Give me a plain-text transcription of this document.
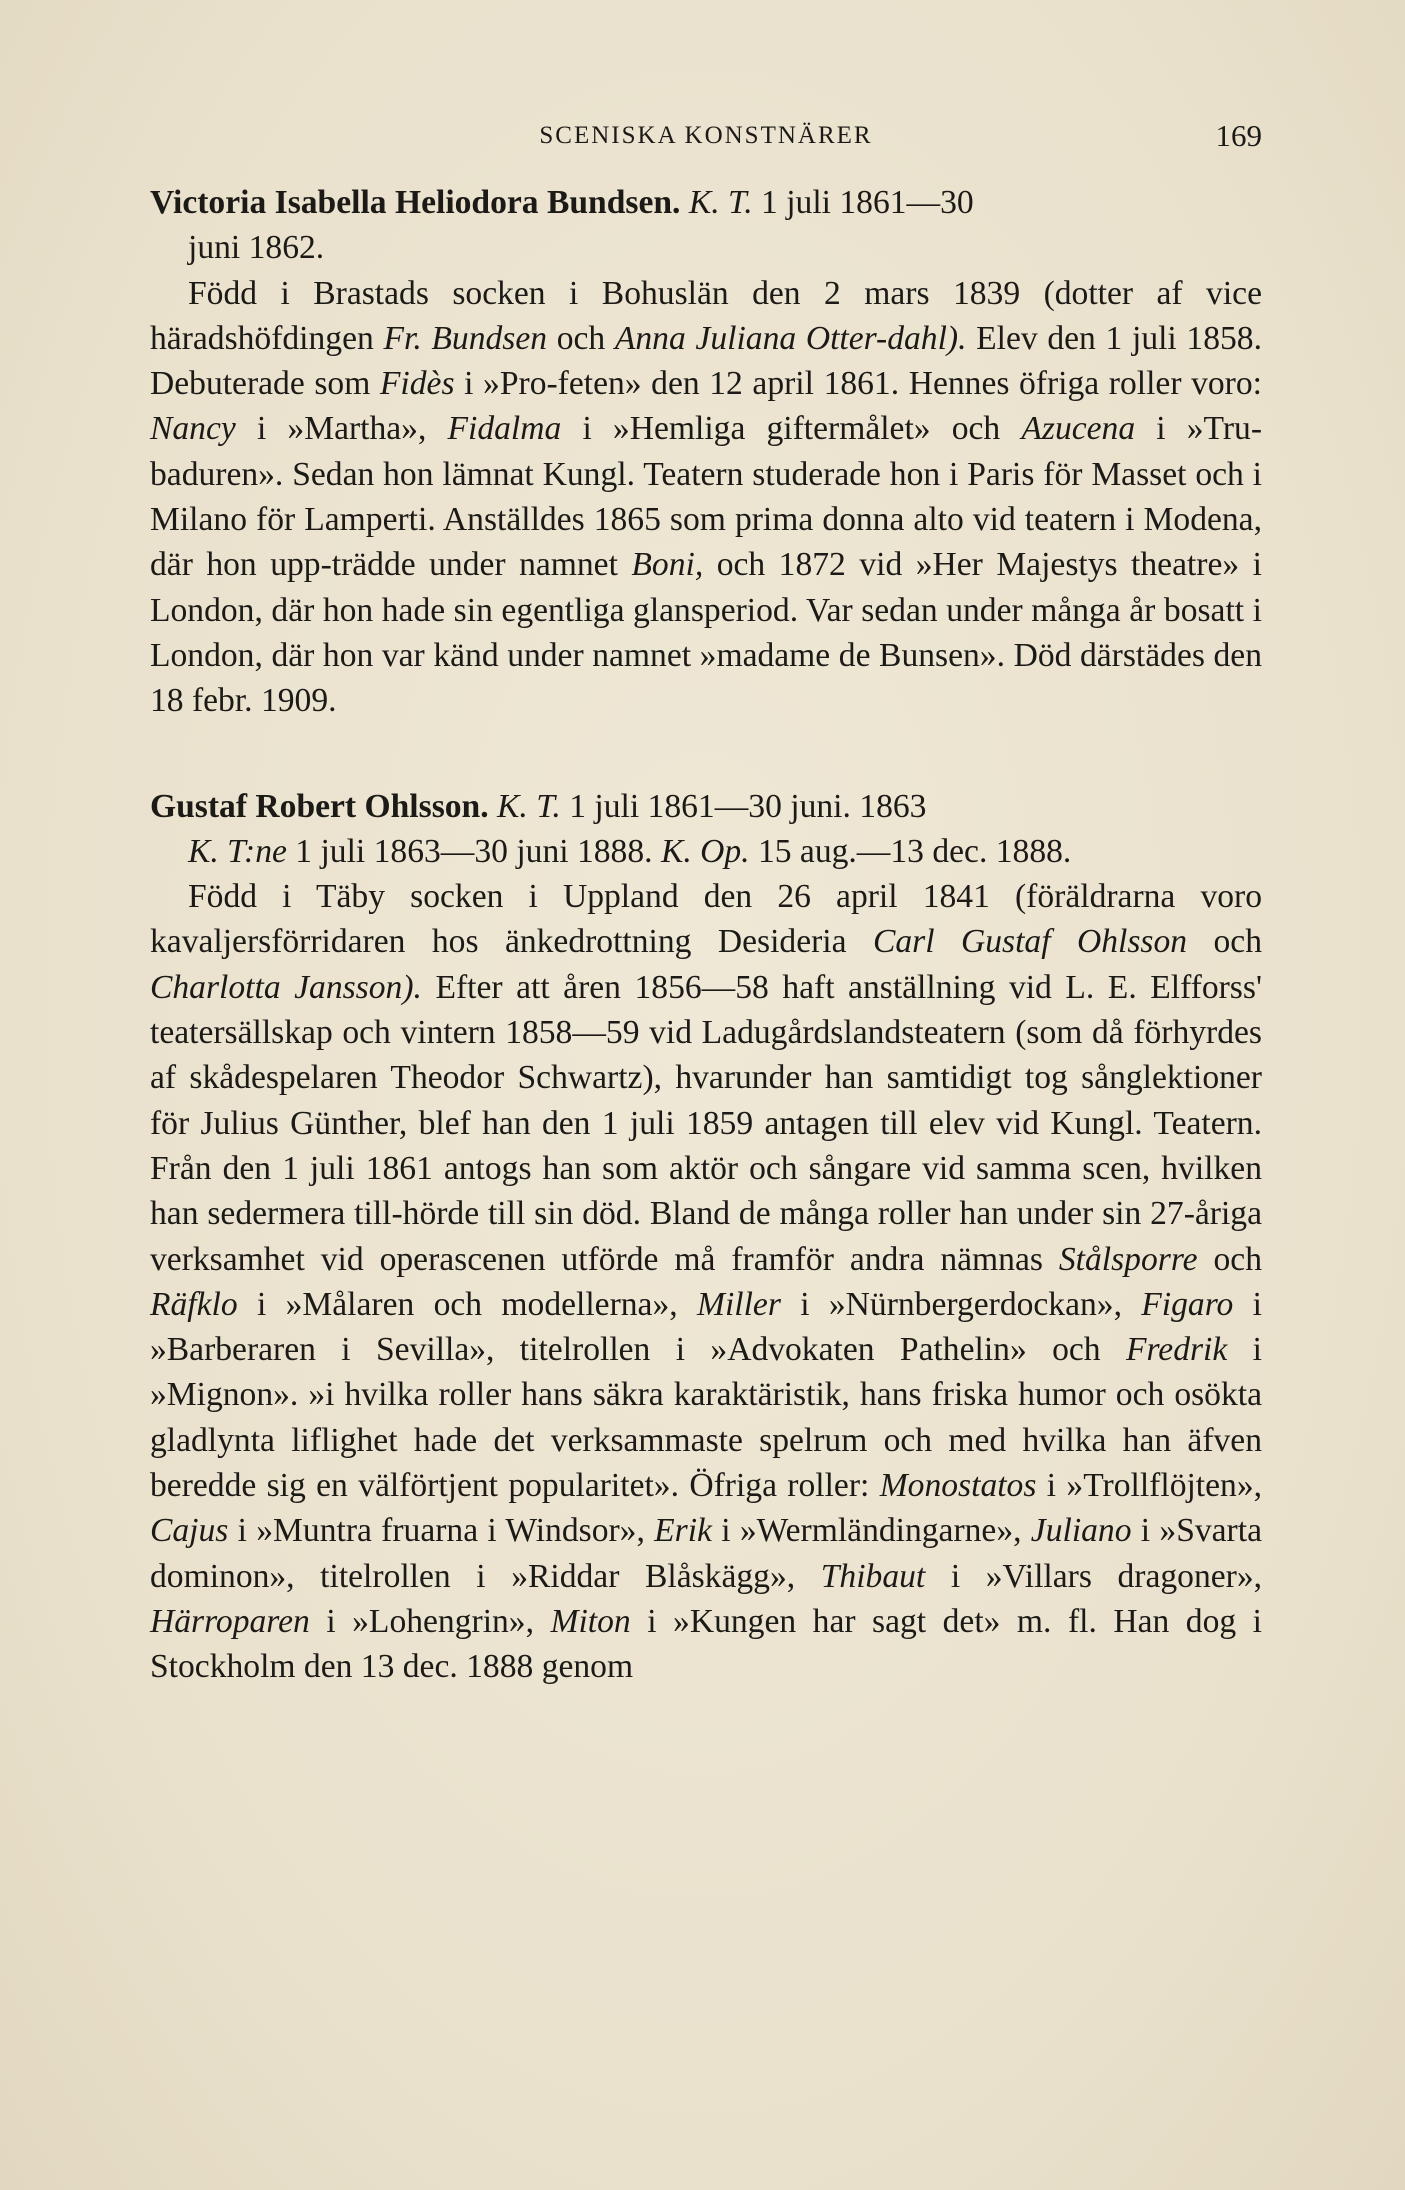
SCENISKA KONSTNÄRER	169

Victoria Isabella Heliodora Bundsen. K. T. 1 juli 1861—30
juni 1862.

Född i Brastads socken i Bohuslän den 2 mars 1839 (dotter af vice häradshöfdingen Fr. Bundsen och Anna Juliana Otter-dahl). Elev den 1 juli 1858. Debuterade som Fidès i »Pro-feten» den 12 april 1861. Hennes öfriga roller voro: Nancy i »Martha», Fidalma i »Hemliga giftermålet» och Azucena i »Tru-baduren». Sedan hon lämnat Kungl. Teatern studerade hon i Paris för Masset och i Milano för Lamperti. Anställdes 1865 som prima donna alto vid teatern i Modena, där hon upp-trädde under namnet Boni, och 1872 vid »Her Majestys theatre» i London, där hon hade sin egentliga glansperiod. Var sedan under många år bosatt i London, där hon var känd under namnet »madame de Bunsen». Död därstädes den 18 febr. 1909.

Gustaf Robert Ohlsson. K. T. 1 juli 1861—30 juni. 1863
K. T:ne 1 juli 1863—30 juni 1888. K. Op. 15 aug.—13 dec. 1888.

Född i Täby socken i Uppland den 26 april 1841 (föräldrarna voro kavaljersförridaren hos änkedrottning Desideria Carl Gustaf Ohlsson och Charlotta Jansson). Efter att åren 1856—58 haft anställning vid L. E. Elfforss' teatersällskap och vintern 1858—59 vid Ladugårdslandsteatern (som då förhyrdes af skådespelaren Theodor Schwartz), hvarunder han samtidigt tog sånglektioner för Julius Günther, blef han den 1 juli 1859 antagen till elev vid Kungl. Teatern. Från den 1 juli 1861 antogs han som aktör och sångare vid samma scen, hvilken han sedermera till-hörde till sin död. Bland de många roller han under sin 27-åriga verksamhet vid operascenen utförde må framför andra nämnas Stålsporre och Räfklo i »Målaren och modellerna», Miller i »Nürnbergerdockan», Figaro i »Barberaren i Sevilla», titelrollen i »Advokaten Pathelin» och Fredrik i »Mignon». »i hvilka roller hans säkra karaktäristik, hans friska humor och osökta gladlynta liflighet hade det verksammaste spelrum och med hvilka han äfven beredde sig en välförtjent popularitet». Öfriga roller: Monostatos i »Trollflöjten», Cajus i »Muntra fruarna i Windsor», Erik i »Wermländingarne», Juliano i »Svarta dominon», titelrollen i »Riddar Blåskägg», Thibaut i »Villars dragoner», Härroparen i »Lohengrin», Miton i »Kungen har sagt det» m. fl. Han dog i Stockholm den 13 dec. 1888 genom
